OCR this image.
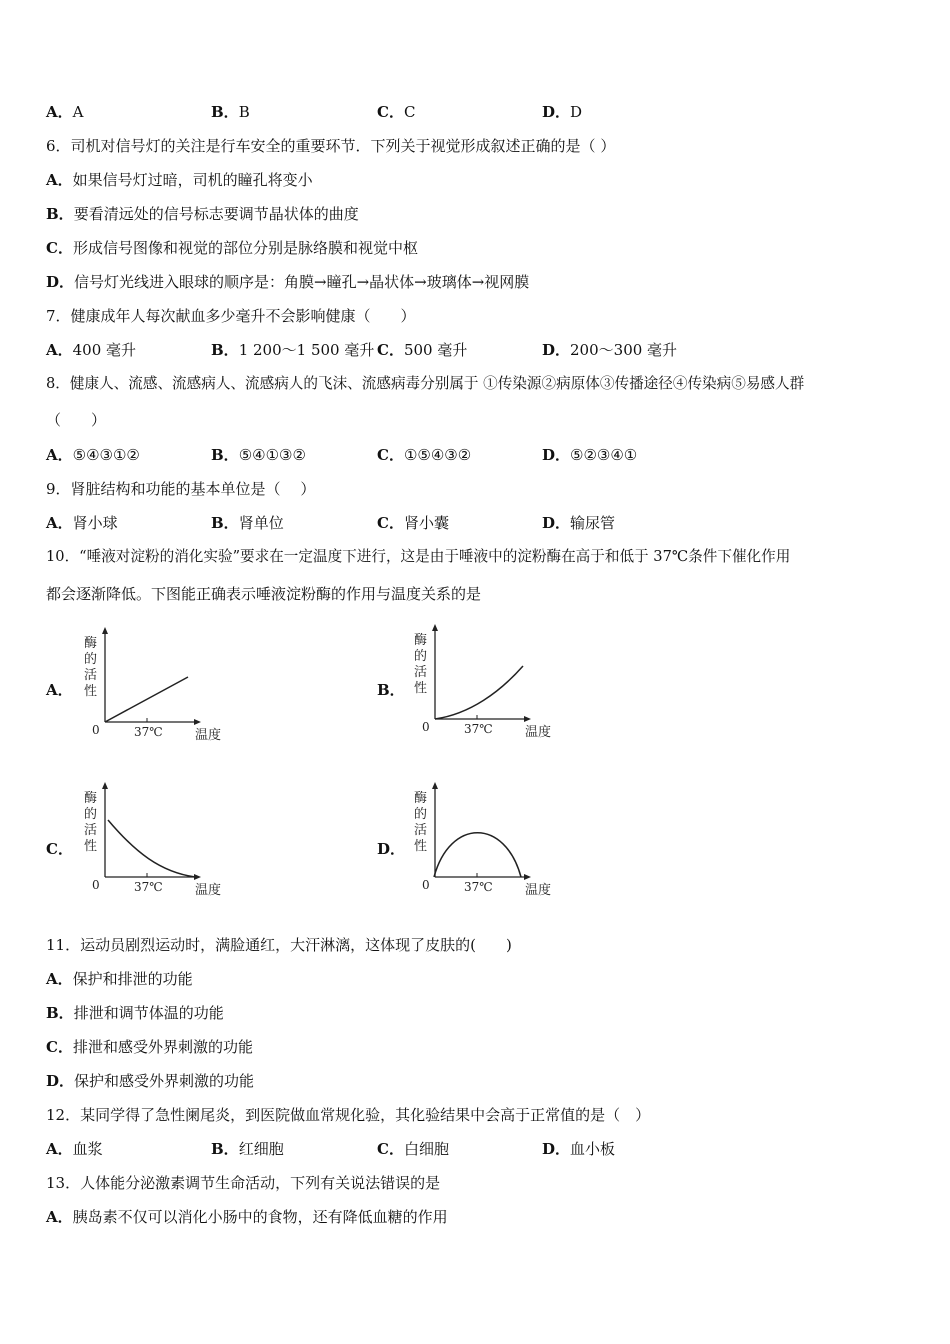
A．A	B．B	C．C	D．D
6．司机对信号灯的关注是行车安全的重要环节．下列关于视觉形成叙述正确的是（ ）
A．如果信号灯过暗，司机的瞳孔将变小
B．要看清远处的信号标志要调节晶状体的曲度
C．形成信号图像和视觉的部位分别是脉络膜和视觉中枢
D．信号灯光线进入眼球的顺序是：角膜→瞳孔→晶状体→玻璃体→视网膜
7．健康成年人每次献血多少毫升不会影响健康（　　）
A．400 毫升	B．1 200～1 500 毫升 C．500 毫升	D．200～300 毫升
8．健康人、流感、流感病人、流感病人的飞沫、流感病毒分别属于 ①传染源②病原体③传播途径④传染病⑤易感人群
（　　）
A．⑤④③①②	B．⑤④①③②	C．①⑤④③②	D．⑤②③④①
9．肾脏结构和功能的基本单位是（　 ）
A．肾小球	B．肾单位	C．肾小囊	D．输尿管
10．“唾液对淀粉的消化实验”要求在一定温度下进行，这是由于唾液中的淀粉酶在高于和低于 37℃条件下催化作用
都会逐渐降低。下图能正确表示唾液淀粉酶的作用与温度关系的是
A．	B．
C．	D．
酶
的
活
性
0	37℃ 温度
酶
的
活
性
0	37℃ 温度
酶
的
活
性
0	37℃ 温度
酶
的
活
性
0	37℃ 温度
11．运动员剧烈运动时，满脸通红，大汗淋漓，这体现了皮肤的(　　)
A．保护和排泄的功能
B．排泄和调节体温的功能
C．排泄和感受外界刺激的功能
D．保护和感受外界刺激的功能
12．某同学得了急性阑尾炎，到医院做血常规化验，其化验结果中会高于正常值的是（　）
A．血浆	B．红细胞	C．白细胞	D．血小板
13．人体能分泌激素调节生命活动，下列有关说法错误的是
A．胰岛素不仅可以消化小肠中的食物，还有降低血糖的作用
